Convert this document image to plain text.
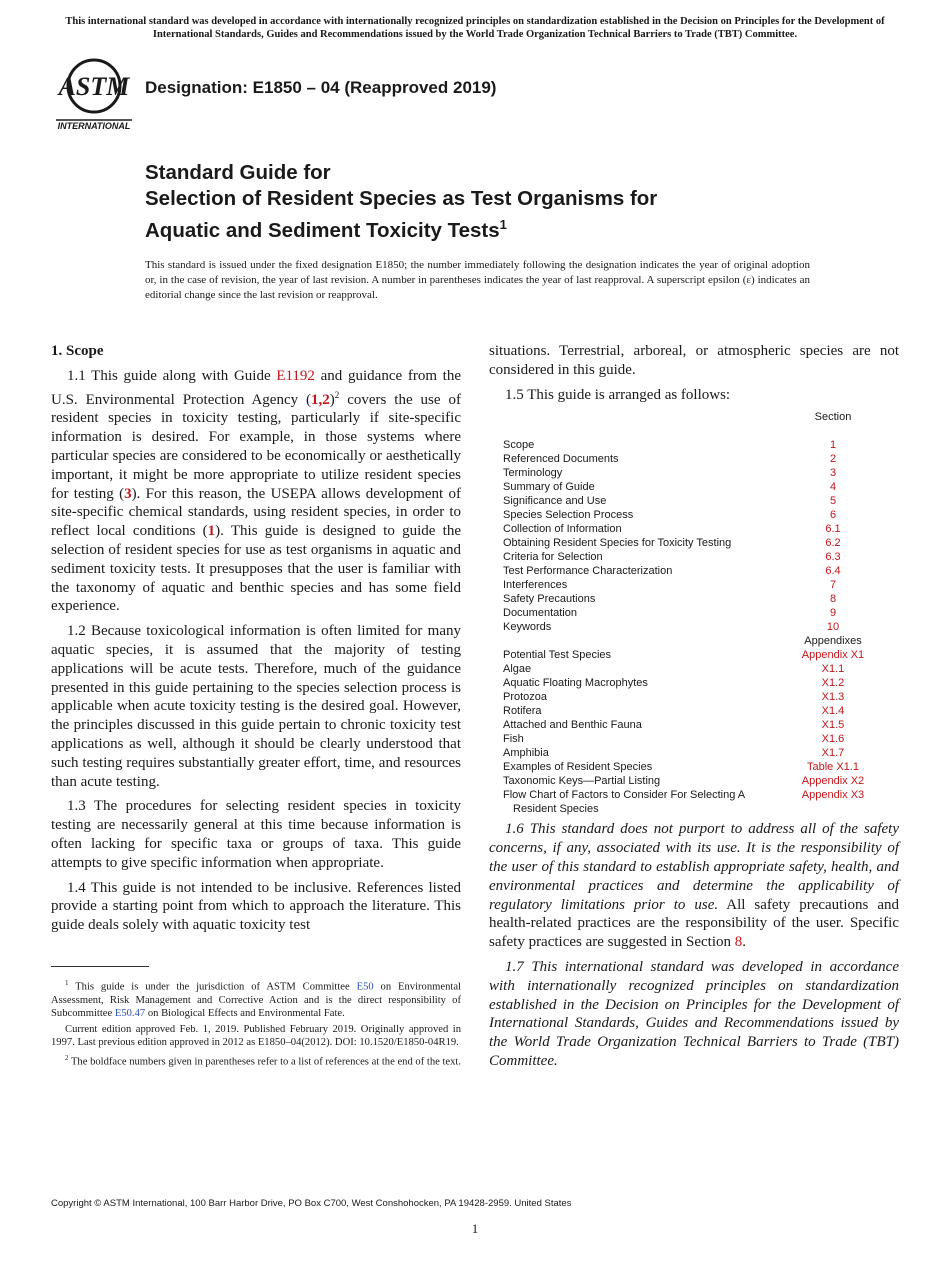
This international standard was developed in accordance with internationally recognized principles on standardization established in the Decision on Principles for the Development of International Standards, Guides and Recommendations issued by the World Trade Organization Technical Barriers to Trade (TBT) Committee.
ASTM
INTERNATIONAL
Designation: E1850 – 04 (Reapproved 2019)
Standard Guide for
Selection of Resident Species as Test Organisms for
Aquatic and Sediment Toxicity Tests$^1$
This standard is issued under the fixed designation E1850; the number immediately following the designation indicates the year of original adoption or, in the case of revision, the year of last revision. A number in parentheses indicates the year of last reapproval. A superscript epsilon (ε) indicates an editorial change since the last revision or reapproval.
1. Scope

1.1 This guide along with Guide E1192 and guidance from the U.S. Environmental Protection Agency $(1,2)^2$ covers the use of resident species in toxicity testing, particularly if site-specific information is desired. For example, in those systems where particular species are considered to be economically or aesthetically important, it might be more appropriate to utilize resident species for testing (3). For this reason, the USEPA allows development of site-specific chemical standards, using resident species, in order to reflect local conditions (1). This guide is designed to guide the selection of resident species for use as test organisms in aquatic and sediment toxicity tests. It presupposes that the user is familiar with the taxonomy of aquatic and benthic species and has some field experience.

1.2 Because toxicological information is often limited for many aquatic species, it is assumed that the majority of testing applications will be acute tests. Therefore, much of the guidance presented in this guide pertaining to the species selection process is applicable when acute toxicity testing is the desired goal. However, the principles discussed in this guide pertain to chronic toxicity test applications as well, although it should be clearly understood that such testing requires substantially greater effort, time, and resources than acute testing.

1.3 The procedures for selecting resident species in toxicity testing are necessarily general at this time because information is often lacking for specific taxa or groups of taxa. This guide attempts to give specific information when appropriate.

1.4 This guide is not intended to be inclusive. References listed provide a starting point from which to approach the literature. This guide deals solely with aquatic toxicity test

situations. Terrestrial, arboreal, or atmospheric species are not considered in this guide.

1.5 This guide is arranged as follows:

Section
Scope	1
Referenced Documents	2
Terminology	3
Summary of Guide	4
Significance and Use	5
Species Selection Process	6
Collection of Information	6.1
Obtaining Resident Species for Toxicity Testing	6.2
Criteria for Selection	6.3
Test Performance Characterization	6.4
Interferences	7
Safety Precautions	8
Documentation	9
Keywords	10
Appendixes
Potential Test Species	Appendix X1
Algae	X1.1
Aquatic Floating Macrophytes	X1.2
Protozoa	X1.3
Rotifera	X1.4
Attached and Benthic Fauna	X1.5
Fish	X1.6
Amphibia	X1.7
Examples of Resident Species	Table X1.1
Taxonomic Keys—Partial Listing	Appendix X2
Flow Chart of Factors to Consider For Selecting A	Appendix X3
Resident Species

1.6 This standard does not purport to address all of the safety concerns, if any, associated with its use. It is the responsibility of the user of this standard to establish appropriate safety, health, and environmental practices and determine the applicability of regulatory limitations prior to use. All safety precautions and health-related practices are the responsibility of the user. Specific safety practices are suggested in Section 8.

1.7 This international standard was developed in accordance with internationally recognized principles on standardization established in the Decision on Principles for the Development of International Standards, Guides and Recommendations issued by the World Trade Organization Technical Barriers to Trade (TBT) Committee.

$^1$ This guide is under the jurisdiction of ASTM Committee E50 on Environmental Assessment, Risk Management and Corrective Action and is the direct responsibility of Subcommittee E50.47 on Biological Effects and Environmental Fate.

Current edition approved Feb. 1, 2019. Published February 2019. Originally approved in 1997. Last previous edition approved in 2012 as E1850–04(2012). DOI: 10.1520/E1850-04R19.

$^2$ The boldface numbers given in parentheses refer to a list of references at the end of the text.

Copyright © ASTM International, 100 Barr Harbor Drive, PO Box C700, West Conshohocken, PA 19428-2959. United States
1
